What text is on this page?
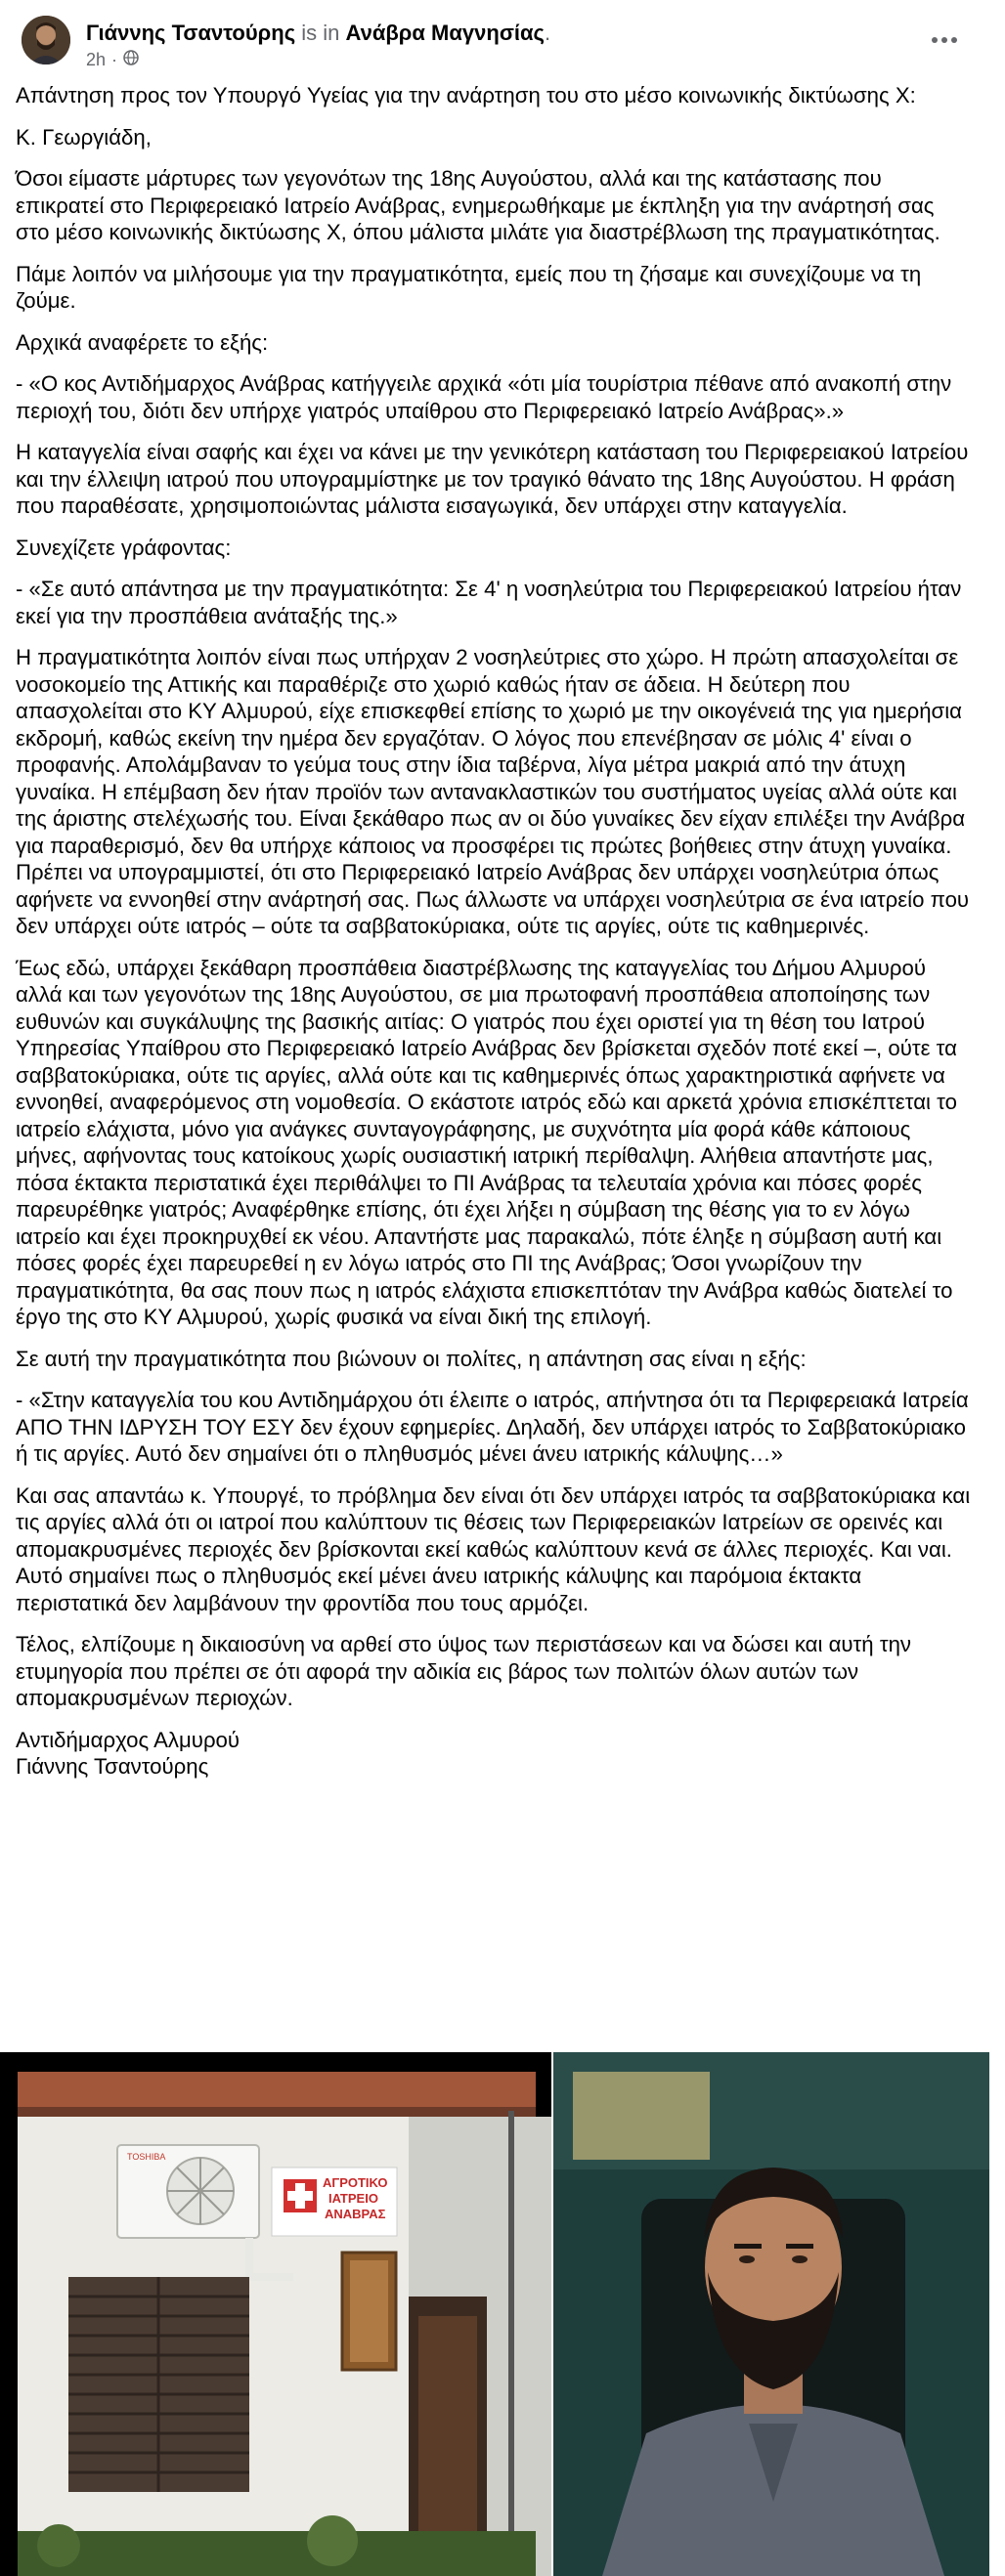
Γιάννης Τσαντούρης is in Ανάβρα Μαγνησίας.
2h ·

Απάντηση προς τον Υπουργό Υγείας για την ανάρτηση του στο μέσο κοινωνικής δικτύωσης Χ:

Κ. Γεωργιάδη,

Όσοι είμαστε μάρτυρες των γεγονότων της 18ης Αυγούστου, αλλά και της κατάστασης που επικρατεί στο Περιφερειακό Ιατρείο Ανάβρας, ενημερωθήκαμε με έκπληξη για την ανάρτησή σας στο μέσο κοινωνικής δικτύωσης Χ, όπου μάλιστα μιλάτε για διαστρέβλωση της πραγματικότητας.

Πάμε λοιπόν να μιλήσουμε για την πραγματικότητα, εμείς που τη ζήσαμε και συνεχίζουμε να τη ζούμε.

Αρχικά αναφέρετε το εξής:

- «Ο κος Αντιδήμαρχος Ανάβρας κατήγγειλε αρχικά «ότι μία τουρίστρια πέθανε από ανακοπή στην περιοχή του, διότι δεν υπήρχε γιατρός υπαίθρου στο Περιφερειακό Ιατρείο Ανάβρας».»

Η καταγγελία είναι σαφής και έχει να κάνει με την γενικότερη κατάσταση του Περιφερειακού Ιατρείου και την έλλειψη ιατρού που υπογραμμίστηκε με τον τραγικό θάνατο της 18ης Αυγούστου. Η φράση που παραθέσατε, χρησιμοποιώντας μάλιστα εισαγωγικά, δεν υπάρχει στην καταγγελία.

Συνεχίζετε γράφοντας:

- «Σε αυτό απάντησα με την πραγματικότητα: Σε 4' η νοσηλεύτρια του Περιφερειακού Ιατρείου ήταν εκεί για την προσπάθεια ανάταξής της.»

Η πραγματικότητα λοιπόν είναι πως υπήρχαν 2 νοσηλεύτριες στο χώρο. Η πρώτη απασχολείται σε νοσοκομείο της Αττικής και παραθέριζε στο χωριό καθώς ήταν σε άδεια. Η δεύτερη που απασχολείται στο ΚΥ Αλμυρού, είχε επισκεφθεί επίσης το χωριό με την οικογένειά της για ημερήσια εκδρομή, καθώς εκείνη την ημέρα δεν εργαζόταν. Ο λόγος που επενέβησαν σε μόλις 4' είναι ο προφανής. Απολάμβαναν το γεύμα τους στην ίδια ταβέρνα, λίγα μέτρα μακριά από την άτυχη γυναίκα. Η επέμβαση δεν ήταν προϊόν των αντανακλαστικών του συστήματος υγείας αλλά ούτε και της άριστης στελέχωσής του. Είναι ξεκάθαρο πως αν οι δύο γυναίκες δεν είχαν επιλέξει την Ανάβρα για παραθερισμό, δεν θα υπήρχε κάποιος να προσφέρει τις πρώτες βοήθειες στην άτυχη γυναίκα. Πρέπει να υπογραμμιστεί, ότι στο Περιφερειακό Ιατρείο Ανάβρας δεν υπάρχει νοσηλεύτρια όπως αφήνετε να εννοηθεί στην ανάρτησή σας. Πως άλλωστε να υπάρχει νοσηλεύτρια σε ένα ιατρείο που δεν υπάρχει ούτε ιατρός – ούτε τα σαββατοκύριακα, ούτε τις αργίες, ούτε τις καθημερινές.

Έως εδώ, υπάρχει ξεκάθαρη προσπάθεια διαστρέβλωσης της καταγγελίας του Δήμου Αλμυρού αλλά και των γεγονότων της 18ης Αυγούστου, σε μια πρωτοφανή προσπάθεια αποποίησης των ευθυνών και συγκάλυψης της βασικής αιτίας: Ο γιατρός που έχει οριστεί για τη θέση του Ιατρού Υπηρεσίας Υπαίθρου στο Περιφερειακό Ιατρείο Ανάβρας δεν βρίσκεται σχεδόν ποτέ εκεί –, ούτε τα σαββατοκύριακα, ούτε τις αργίες, αλλά ούτε και τις καθημερινές όπως χαρακτηριστικά αφήνετε να εννοηθεί, αναφερόμενος στη νομοθεσία. Ο εκάστοτε ιατρός εδώ και αρκετά χρόνια επισκέπτεται το ιατρείο ελάχιστα, μόνο για ανάγκες συνταγογράφησης, με συχνότητα μία φορά κάθε κάποιους μήνες, αφήνοντας τους κατοίκους χωρίς ουσιαστική ιατρική περίθαλψη. Αλήθεια απαντήστε μας, πόσα έκτακτα περιστατικά έχει περιθάλψει το ΠΙ Ανάβρας τα τελευταία χρόνια και πόσες φορές παρευρέθηκε γιατρός; Αναφέρθηκε επίσης, ότι έχει λήξει η σύμβαση της θέσης για το εν λόγω ιατρείο και έχει προκηρυχθεί εκ νέου. Απαντήστε μας παρακαλώ, πότε έληξε η σύμβαση αυτή και πόσες φορές έχει παρευρεθεί η εν λόγω ιατρός στο ΠΙ της Ανάβρας; Όσοι γνωρίζουν την πραγματικότητα, θα σας πουν πως η ιατρός ελάχιστα επισκεπτόταν την Ανάβρα καθώς διατελεί το έργο της στο ΚΥ Αλμυρού, χωρίς φυσικά να είναι δική της επιλογή.

Σε αυτή την πραγματικότητα που βιώνουν οι πολίτες, η απάντηση σας είναι η εξής:

- «Στην καταγγελία του κου Αντιδημάρχου ότι έλειπε ο ιατρός, απήντησα ότι τα Περιφερειακά Ιατρεία ΑΠΟ ΤΗΝ ΙΔΡΥΣΗ ΤΟΥ ΕΣΥ δεν έχουν εφημερίες. Δηλαδή, δεν υπάρχει ιατρός το Σαββατοκύριακο ή τις αργίες. Αυτό δεν σημαίνει ότι ο πληθυσμός μένει άνευ ιατρικής κάλυψης…»

Και σας απαντάω κ. Υπουργέ, το πρόβλημα δεν είναι ότι δεν υπάρχει ιατρός τα σαββατοκύριακα και τις αργίες αλλά ότι οι ιατροί που καλύπτουν τις θέσεις των Περιφερειακών Ιατρείων σε ορεινές και απομακρυσμένες περιοχές δεν βρίσκονται εκεί καθώς καλύπτουν κενά σε άλλες περιοχές. Και ναι. Αυτό σημαίνει πως ο πληθυσμός εκεί μένει άνευ ιατρικής κάλυψης και παρόμοια έκτακτα περιστατικά δεν λαμβάνουν την φροντίδα που τους αρμόζει.

Τέλος, ελπίζουμε η δικαιοσύνη να αρθεί στο ύψος των περιστάσεων και να δώσει και αυτή την ετυμηγορία που πρέπει σε ότι αφορά την αδικία εις βάρος των πολιτών όλων αυτών των απομακρυσμένων περιοχών.

Αντιδήμαρχος Αλμυρού

Γιάννης Τσαντούρης

TOSHIBA
ΑΓΡΟΤΙΚΟ
ΙΑΤΡΕΙΟ
ΑΝΑΒΡΑΣ
